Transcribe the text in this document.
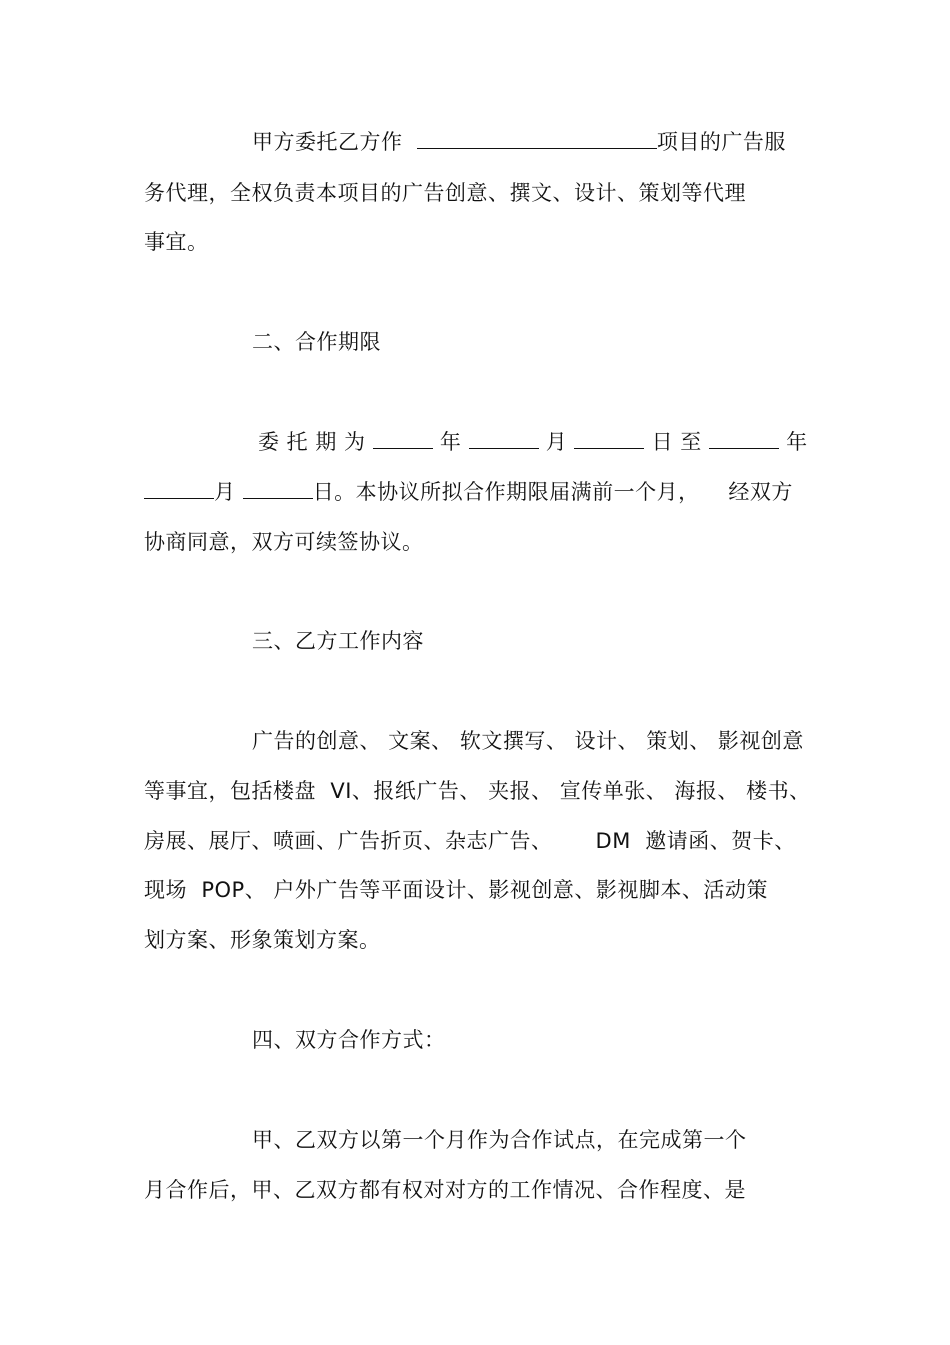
甲方委托乙方作	项目的广告服
务代理，全权负责本项目的广告创意、撰文、设计、策划等代理
事宜。
二、合作期限
委 托 期 为	年	月	日 至	年
月	日。本协议所拟合作期限届满前一个月，    经双方
协商同意，双方可续签协议。
三、乙方工作内容
广告的创意、 文案、 软文撰写、 设计、 策划、 影视创意
等事宜，包括楼盘  VI、报纸广告、 夹报、 宣传单张、 海报、 楼书、
房展、展厅、喷画、广告折页、杂志广告、      DM  邀请函、贺卡、
现场  POP、 户外广告等平面设计、影视创意、影视脚本、活动策
划方案、形象策划方案。
四、双方合作方式：
甲、乙双方以第一个月作为合作试点，在完成第一个
月合作后，甲、乙双方都有权对对方的工作情况、合作程度、是
